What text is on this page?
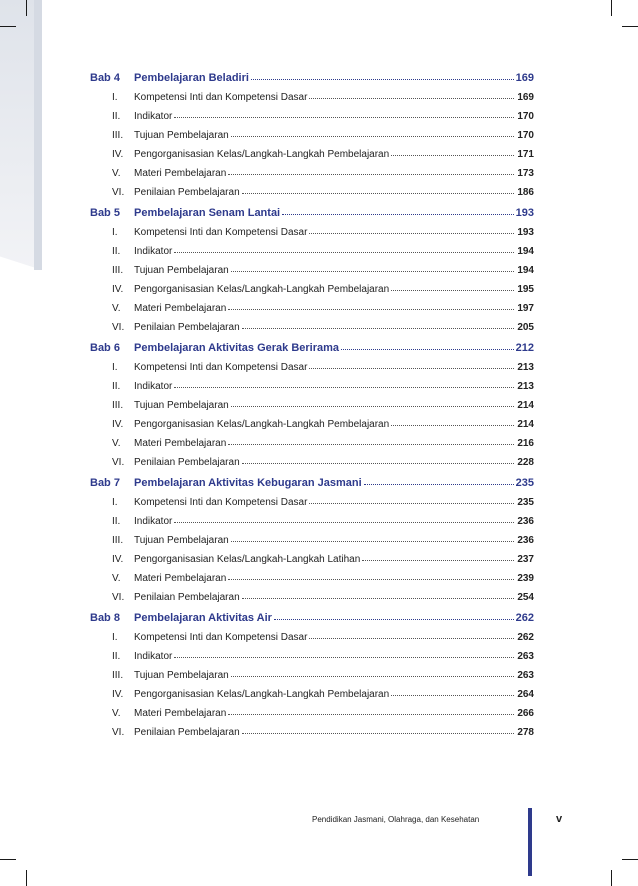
Bab 4	Pembelajaran Beladiri	169
I.	Kompetensi Inti dan Kompetensi Dasar	169
II.	Indikator	170
III.	Tujuan Pembelajaran	170
IV.	Pengorganisasian Kelas/Langkah-Langkah Pembelajaran	171
V.	Materi Pembelajaran	173
VI. Penilaian Pembelajaran	186
Bab 5	Pembelajaran Senam Lantai	193
I.	Kompetensi Inti dan Kompetensi Dasar	193
II.	Indikator	194
III.	Tujuan Pembelajaran	194
IV.	Pengorganisasian Kelas/Langkah-Langkah Pembelajaran	195
V.	Materi Pembelajaran	197
VI. Penilaian Pembelajaran	205
Bab 6	Pembelajaran Aktivitas Gerak Berirama	212
I.	Kompetensi Inti dan Kompetensi Dasar	213
II.	Indikator	213
III.	Tujuan Pembelajaran	214
IV.	Pengorganisasian Kelas/Langkah-Langkah Pembelajaran	214
V.	Materi Pembelajaran	216
VI. Penilaian Pembelajaran	228
Bab 7	Pembelajaran Aktivitas Kebugaran Jasmani	235
I.	Kompetensi Inti dan Kompetensi Dasar	235
II.	Indikator	236
III.	Tujuan Pembelajaran	236
IV.	Pengorganisasian Kelas/Langkah-Langkah Latihan	237
V.	Materi Pembelajaran	239
VI. Penilaian Pembelajaran	254
Bab 8	Pembelajaran Aktivitas Air	262
I.	Kompetensi Inti dan Kompetensi Dasar	262
II.	Indikator	263
III.	Tujuan Pembelajaran	263
IV.	Pengorganisasian Kelas/Langkah-Langkah Pembelajaran	264
V.	Materi Pembelajaran	266
VI. Penilaian Pembelajaran	278
Pendidikan Jasmani, Olahraga, dan Kesehatan	v
